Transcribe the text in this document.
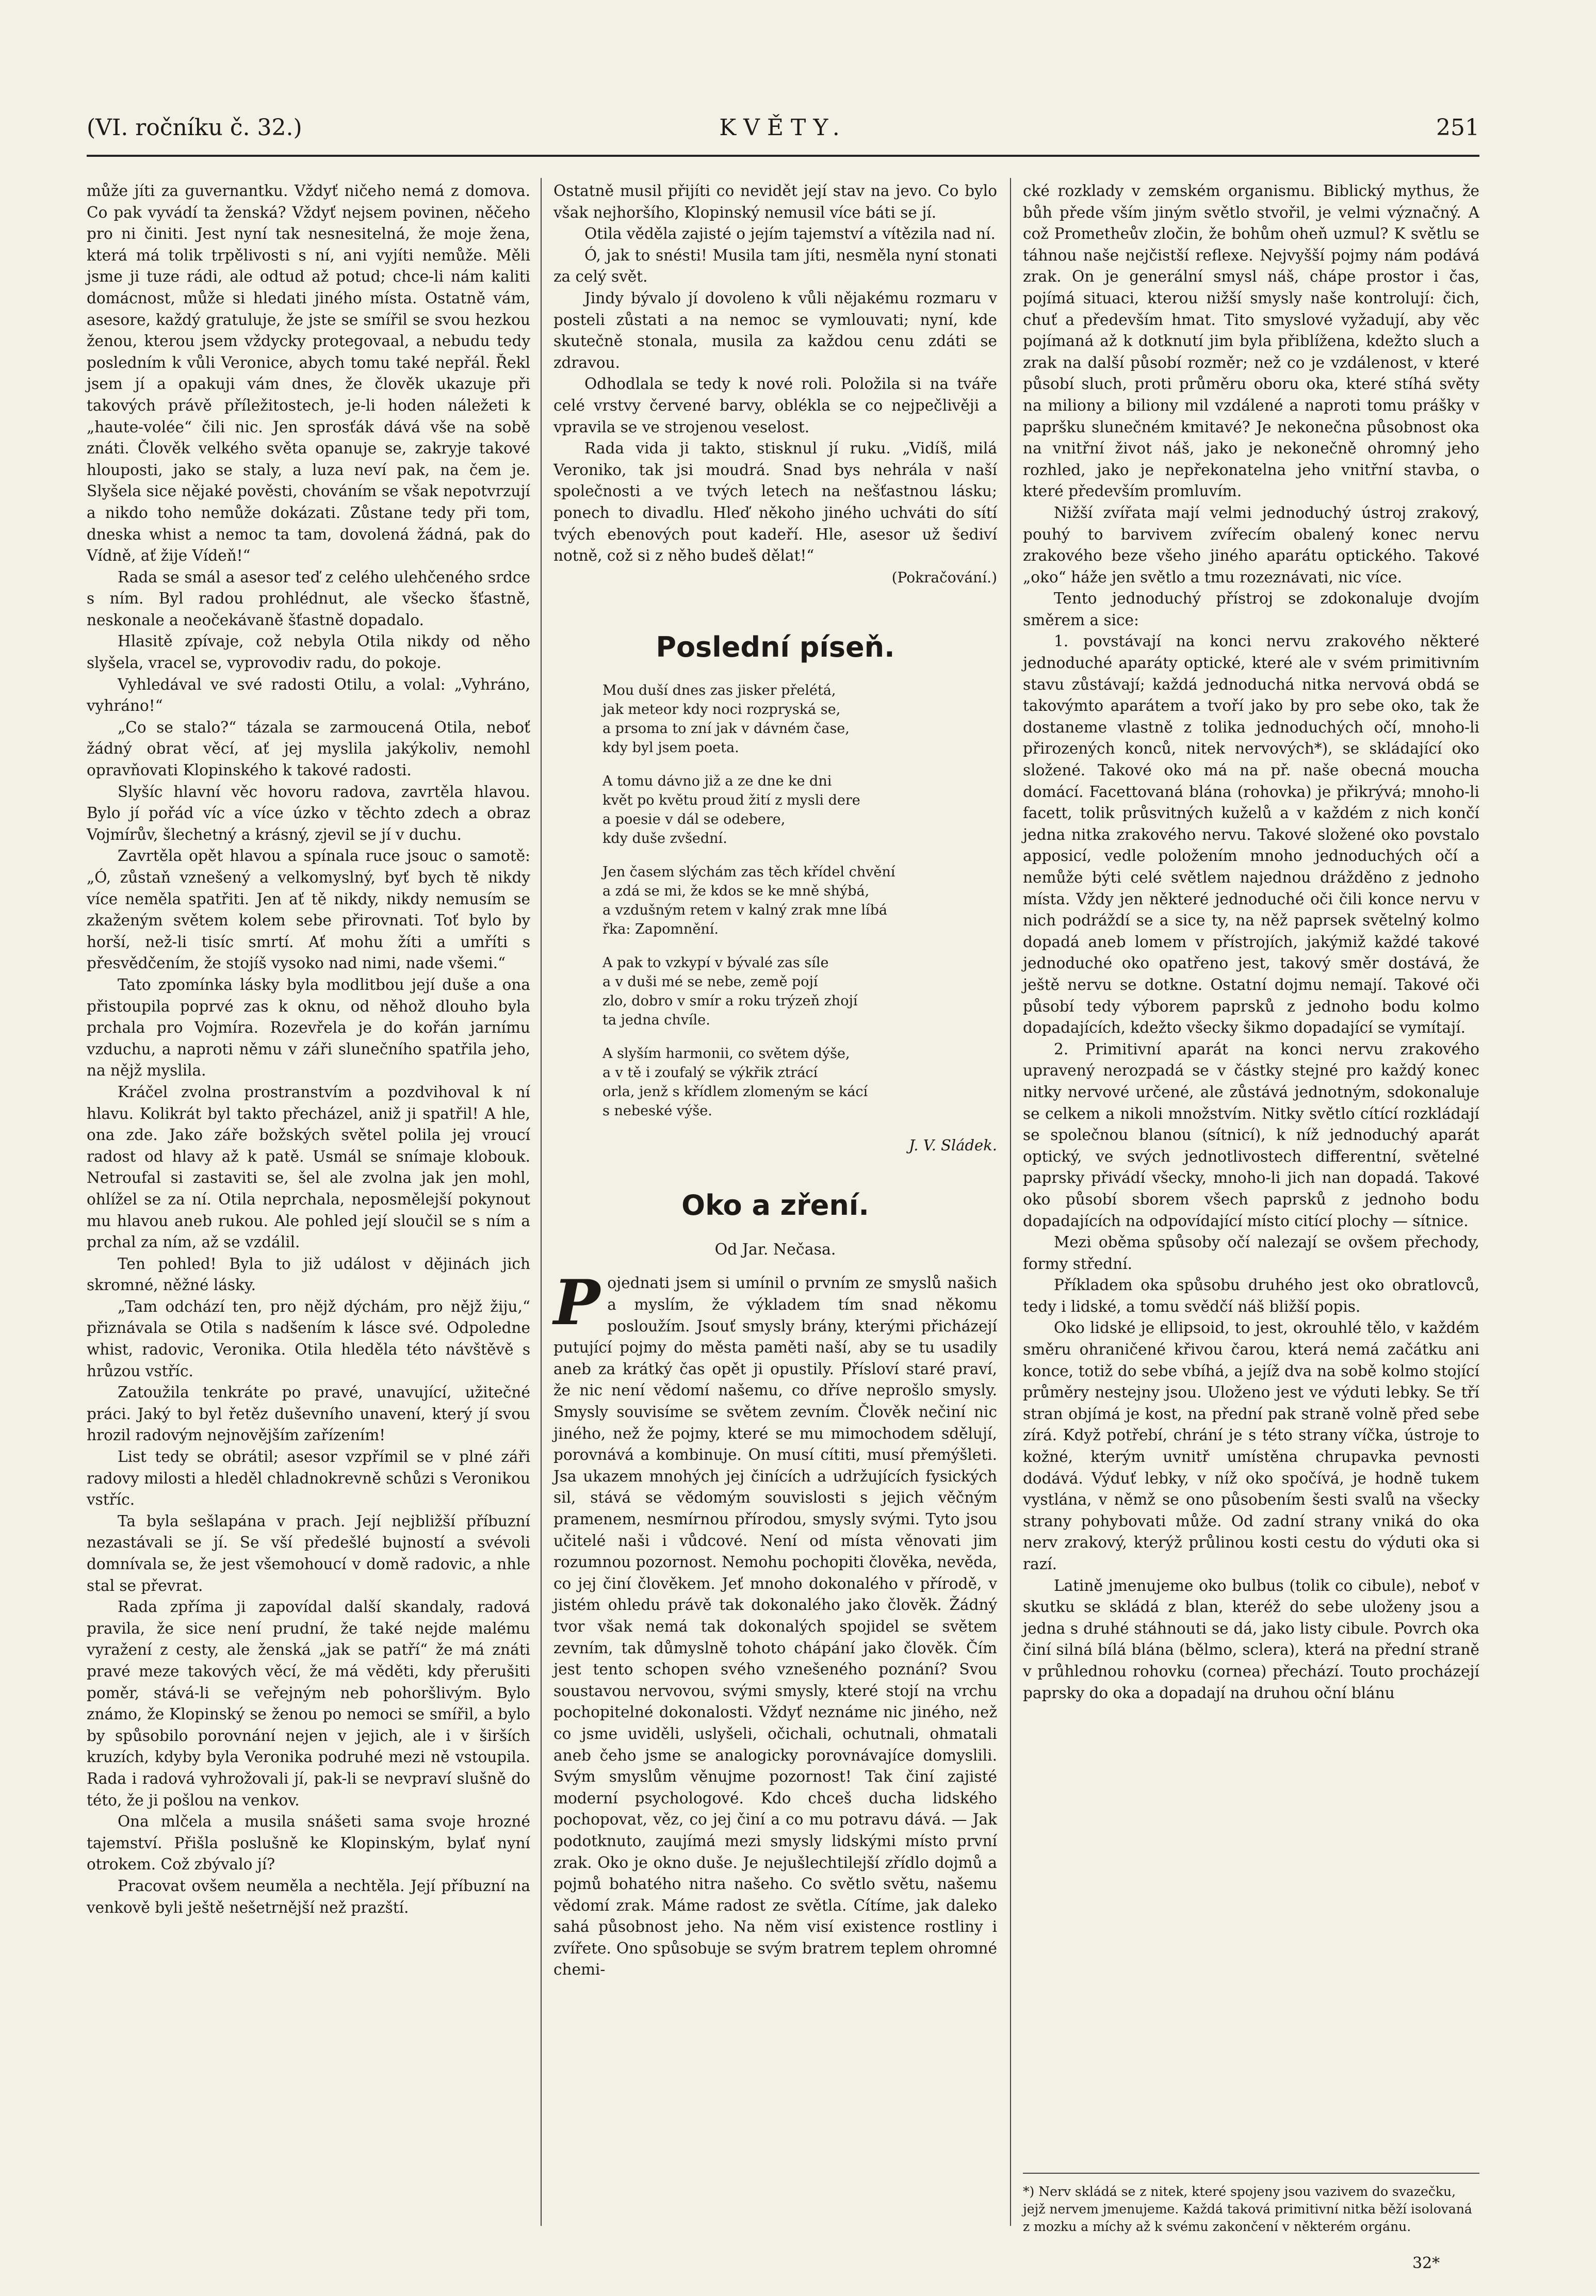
(VI. ročníku č. 32.)	KVĚTY.	251

může jíti za guvernantku. Vždyť ničeho nemá z domova. Co pak vyvádí ta ženská? Vždyť nejsem povinen, něčeho pro ni činiti. Jest nyní tak nesnesitelná, že moje žena, která má tolik trpělivosti s ní, ani vyjíti nemůže. Měli jsme ji tuze rádi, ale odtud až potud; chce-li nám kaliti domácnost, může si hledati jiného místa. Ostatně vám, asesore, každý gratuluje, že jste se smířil se svou hezkou ženou, kterou jsem vždycky protegovaal, a nebudu tedy posledním k vůli Veronice, abych tomu také nepřál. Řekl jsem jí a opakuji vám dnes, že člověk ukazuje při takových právě příležitostech, je-li hoden náležeti k „haute-volée“ čili nic. Jen sprosťák dává vše na sobě znáti. Člověk velkého světa opanuje se, zakryje takové hlouposti, jako se staly, a luza neví pak, na čem je. Slyšela sice nějaké pověsti, chováním se však nepotvrzují a nikdo toho nemůže dokázati. Zůstane tedy při tom, dneska whist a nemoc ta tam, dovolená žádná, pak do Vídně, ať žije Vídeň!“

Rada se smál a asesor teď z celého ulehčeného srdce s ním. Byl radou prohlédnut, ale všecko šťastně, neskonale a neočekávaně šťastně dopadalo.

Hlasitě zpívaje, což nebyla Otila nikdy od něho slyšela, vracel se, vyprovodiv radu, do pokoje.

Vyhledával ve své radosti Otilu, a volal: „Vyhráno, vyhráno!“

„Co se stalo?“ tázala se zarmoucená Otila, neboť žádný obrat věcí, ať jej myslila jakýkoliv, nemohl opravňovati Klopinského k takové radosti.

Slyšíc hlavní věc hovoru radova, zavrtěla hlavou. Bylo jí pořád víc a více úzko v těchto zdech a obraz Vojmírův, šlechetný a krásný, zjevil se jí v duchu.

Zavrtěla opět hlavou a spínala ruce jsouc o samotě: „Ó, zůstaň vznešený a velkomyslný, byť bych tě nikdy více neměla spatřiti. Jen ať tě nikdy, nikdy nemusím se zkaženým světem kolem sebe přirovnati. Toť bylo by horší, než-li tisíc smrtí. Ať mohu žíti a umříti s přesvědčením, že stojíš vysoko nad nimi, nade všemi.“

Tato zpomínka lásky byla modlitbou její duše a ona přistoupila poprvé zas k oknu, od něhož dlouho byla prchala pro Vojmíra. Rozevřela je do kořán jarnímu vzduchu, a naproti němu v záři slunečního spatřila jeho, na nějž myslila.

Kráčel zvolna prostranstvím a pozdvihoval k ní hlavu. Kolikrát byl takto přecházel, aniž ji spatřil! A hle, ona zde. Jako záře božských světel polila jej vroucí radost od hlavy až k patě. Usmál se snímaje klobouk. Netroufal si zastaviti se, šel ale zvolna jak jen mohl, ohlížel se za ní. Otila neprchala, neposmělejší pokynout mu hlavou aneb rukou. Ale pohled její sloučil se s ním a prchal za ním, až se vzdálil.

Ten pohled! Byla to již událost v dějinách jich skromné, něžné lásky.

„Tam odchází ten, pro nějž dýchám, pro nějž žiju,“ přiznávala se Otila s nadšením k lásce své. Odpoledne whist, radovic, Veronika. Otila hleděla této návštěvě s hrůzou vstříc.

Zatoužila tenkráte po pravé, unavující, užitečné práci. Jaký to byl řetěz duševního unavení, který jí svou hrozil radovým nejnovějším zařízením!

List tedy se obrátil; asesor vzpřímil se v plné záři radovy milosti a hleděl chladnokrevně schůzi s Veronikou vstříc.

Ta byla sešlapána v prach. Její nejbližší příbuzní nezastávali se jí. Se vší předešlé bujností a svévoli domnívala se, že jest všemohoucí v domě radovic, a nhle stal se převrat.

Rada zpříma ji zapovídal další skandaly, radová pravila, že sice není prudní, že také nejde malému vyražení z cesty, ale ženská „jak se patří“ že má znáti pravé meze takových věcí, že má věděti, kdy přerušiti poměr, stává-li se veřejným neb pohoršlivým. Bylo známo, že Klopinský se ženou po nemoci se smířil, a bylo by spůsobilo porovnání nejen v jejich, ale i v širších kruzích, kdyby byla Veronika podruhé mezi ně vstoupila. Rada i radová vyhrožovali jí, pak-li se nevpraví slušně do této, že ji pošlou na venkov.

Ona mlčela a musila snášeti sama svoje hrozné tajemství. Přišla poslušně ke Klopinským, bylať nyní otrokem. Což zbývalo jí?

Pracovat ovšem neuměla a nechtěla. Její příbuzní na venkově byli ještě nešetrnější než prazští.

Ostatně musil přijíti co nevidět její stav na jevo. Co bylo však nejhoršího, Klopinský nemusil více báti se jí.

Otila věděla zajisté o jejím tajemství a vítězila nad ní.

Ó, jak to snésti! Musila tam jíti, nesměla nyní stonati za celý svět.

Jindy bývalo jí dovoleno k vůli nějakému rozmaru v posteli zůstati a na nemoc se vymlouvati; nyní, kde skutečně stonala, musila za každou cenu zdáti se zdravou.

Odhodlala se tedy k nové roli. Položila si na tváře celé vrstvy červené barvy, oblékla se co nejpečlivěji a vpravila se ve strojenou veselost.

Rada vida ji takto, stisknul jí ruku. „Vidíš, milá Veroniko, tak jsi moudrá. Snad bys nehrála v naší společnosti a ve tvých letech na nešťastnou lásku; ponech to divadlu. Hleď někoho jiného uchváti do sítí tvých ebenových pout kadeří. Hle, asesor už šediví notně, což si z něho budeš dělat!“

(Pokračování.)
Poslední píseň.
Mou duší dnes zas jisker přelétá,
jak meteor kdy noci rozpryská se,
a prsoma to zní jak v dávném čase,
kdy byl jsem poeta.
A tomu dávno již a ze dne ke dni
květ po květu proud žití z mysli dere
a poesie v dál se odebere,
kdy duše zvšední.
Jen časem slýchám zas těch křídel chvění
a zdá se mi, že kdos se ke mně shýbá,
a vzdušným retem v kalný zrak mne líbá
řka: Zapomnění.
A pak to vzkypí v bývalé zas síle
a v duši mé se nebe, země pojí
zlo, dobro v smír a roku trýzeň zhojí
ta jedna chvíle.
A slyším harmonii, co světem dýše,
a v tě i zoufalý se výkřik ztrácí
orla, jenž s křídlem zlomeným se kácí
s nebeské výše.
J. V. Sládek.
Oko a zření.
Od Jar. Nečasa.
P ojednati jsem si umínil o prvním ze smyslů našich a myslím, že výkladem tím snad někomu posloužím. Jsouť smysly brány, kterými přicházejí putující pojmy do města paměti naší, aby se tu usadily aneb za krátký čas opět ji opustily. Přísloví staré praví, že nic není vědomí našemu, co dříve neprošlo smysly. Smysly souvisíme se světem zevním. Člověk nečiní nic jiného, než že pojmy, které se mu mimochodem sdělují, porovnává a kombinuje. On musí cítiti, musí přemýšleti. Jsa ukazem mnohých jej činících a udržujících fysických sil, stává se vědomým souvislosti s jejich věčným pramenem, nesmírnou přírodou, smysly svými. Tyto jsou učitelé naši i vůdcové. Není od místa věnovati jim rozumnou pozornost. Nemohu pochopiti člověka, nevěda, co jej činí člověkem. Jeť mnoho dokonalého v přírodě, v jistém ohledu právě tak dokonalého jako člověk. Žádný tvor však nemá tak dokonalých spojidel se světem zevním, tak důmyslně tohoto chápání jako člověk. Čím jest tento schopen svého vznešeného poznání? Svou soustavou nervovou, svými smysly, které stojí na vrchu pochopitelné dokonalosti. Vždyť neznáme nic jiného, než co jsme uviděli, uslyšeli, očichali, ochutnali, ohmatali aneb čeho jsme se analogicky porovnávajíce domyslili. Svým smyslům věnujme pozornost! Tak činí zajisté moderní psychologové. Kdo chceš ducha lidského pochopovat, věz, co jej činí a co mu potravu dává. — Jak podotknuto, zaujímá mezi smysly lidskými místo první zrak. Oko je okno duše. Je nejušlechtilejší zřídlo dojmů a pojmů bohatého nitra našeho. Co světlo světu, našemu vědomí zrak. Máme radost ze světla. Cítíme, jak daleko sahá působnost jeho. Na něm visí existence rostliny i zvířete. Ono spůsobuje se svým bratrem teplem ohromné chemi-

cké rozklady v zemském organismu. Biblický mythus, že bůh přede vším jiným světlo stvořil, je velmi význačný. A což Prometheův zločin, že bohům oheň uzmul? K světlu se táhnou naše nejčistší reflexe. Nejvyšší pojmy nám podává zrak. On je generální smysl náš, chápe prostor i čas, pojímá situaci, kterou nižší smysly naše kontrolují: čich, chuť a především hmat. Tito smyslové vyžadují, aby věc pojímaná až k dotknutí jim byla přiblížena, kdežto sluch a zrak na další působí rozměr; než co je vzdálenost, v které působí sluch, proti průměru oboru oka, které stíhá světy na miliony a biliony mil vzdálené a naproti tomu prášky v papršku slunečném kmitavé? Je nekonečna působnost oka na vnitřní život náš, jako je nekonečně ohromný jeho rozhled, jako je nepřekonatelna jeho vnitřní stavba, o které především promluvím.

Nižší zvířata mají velmi jednoduchý ústroj zrakový, pouhý to barvivem zvířecím obalený konec nervu zrakového beze všeho jiného aparátu optického. Takové „oko“ háže jen světlo a tmu rozeznávati, nic více.

Tento jednoduchý přístroj se zdokonaluje dvojím směrem a sice:

1. povstávají na konci nervu zrakového některé jednoduché aparáty optické, které ale v svém primitivním stavu zůstávají; každá jednoduchá nitka nervová obdá se takovýmto aparátem a tvoří jako by pro sebe oko, tak že dostaneme vlastně z tolika jednoduchých očí, mnoho-li přirozených konců, nitek nervových*), se skládající oko složené. Takové oko má na př. naše obecná moucha domácí. Facettovaná blána (rohovka) je přikrývá; mnoho-li facett, tolik průsvitných kuželů a v každém z nich končí jedna nitka zrakového nervu. Takové složené oko povstalo apposicí, vedle položením mnoho jednoduchých očí a nemůže býti celé světlem najednou drážděno z jednoho místa. Vždy jen některé jednoduché oči čili konce nervu v nich podráždí se a sice ty, na něž paprsek světelný kolmo dopadá aneb lomem v přístrojích, jakýmiž každé takové jednoduché oko opatřeno jest, takový směr dostává, že ještě nervu se dotkne. Ostatní dojmu nemají. Takové oči působí tedy výborem paprsků z jednoho bodu kolmo dopadajících, kdežto všecky šikmo dopadající se vymítají.

2. Primitivní aparát na konci nervu zrakového upravený nerozpadá se v částky stejné pro každý konec nitky nervové určené, ale zůstává jednotným, sdokonaluje se celkem a nikoli množstvím. Nitky světlo cítící rozkládají se společnou blanou (sítnicí), k níž jednoduchý aparát optický, ve svých jednotlivostech differentní, světelné paprsky přivádí všecky, mnoho-li jich nan dopadá. Takové oko působí sborem všech paprsků z jednoho bodu dopadajících na odpovídající místo citící plochy — sítnice.

Mezi oběma spůsoby očí nalezají se ovšem přechody, formy střední.

Příkladem oka spůsobu druhého jest oko obratlovců, tedy i lidské, a tomu svědčí náš bližší popis.

Oko lidské je ellipsoid, to jest, okrouhlé tělo, v každém směru ohraničené křivou čarou, která nemá začátku ani konce, totiž do sebe vbíhá, a jejíž dva na sobě kolmo stojící průměry nestejny jsou. Uloženo jest ve výduti lebky. Se tří stran objímá je kost, na přední pak straně volně před sebe zírá. Když potřebí, chrání je s této strany víčka, ústroje to kožné, kterým uvnitř umístěna chrupavka pevnosti dodává. Výduť lebky, v níž oko spočívá, je hodně tukem vystlána, v němž se ono působením šesti svalů na všecky strany pohybovati může. Od zadní strany vniká do oka nerv zrakový, kterýž průlinou kosti cestu do výduti oka si razí.

Latině jmenujeme oko bulbus (tolik co cibule), neboť v skutku se skládá z blan, kteréž do sebe uloženy jsou a jedna s druhé stáhnouti se dá, jako listy cibule. Povrch oka činí silná bílá blána (bělmo, sclera), která na přední straně v průhlednou rohovku (cornea) přechází. Touto procházejí paprsky do oka a dopadají na druhou oční blánu

*) Nerv skládá se z nitek, které spojeny jsou vazivem do svazečku, jejž nervem jmenujeme. Každá taková primitivní nitka běží isolovaná z mozku a míchy až k svému zakončení v některém orgánu.
32*
